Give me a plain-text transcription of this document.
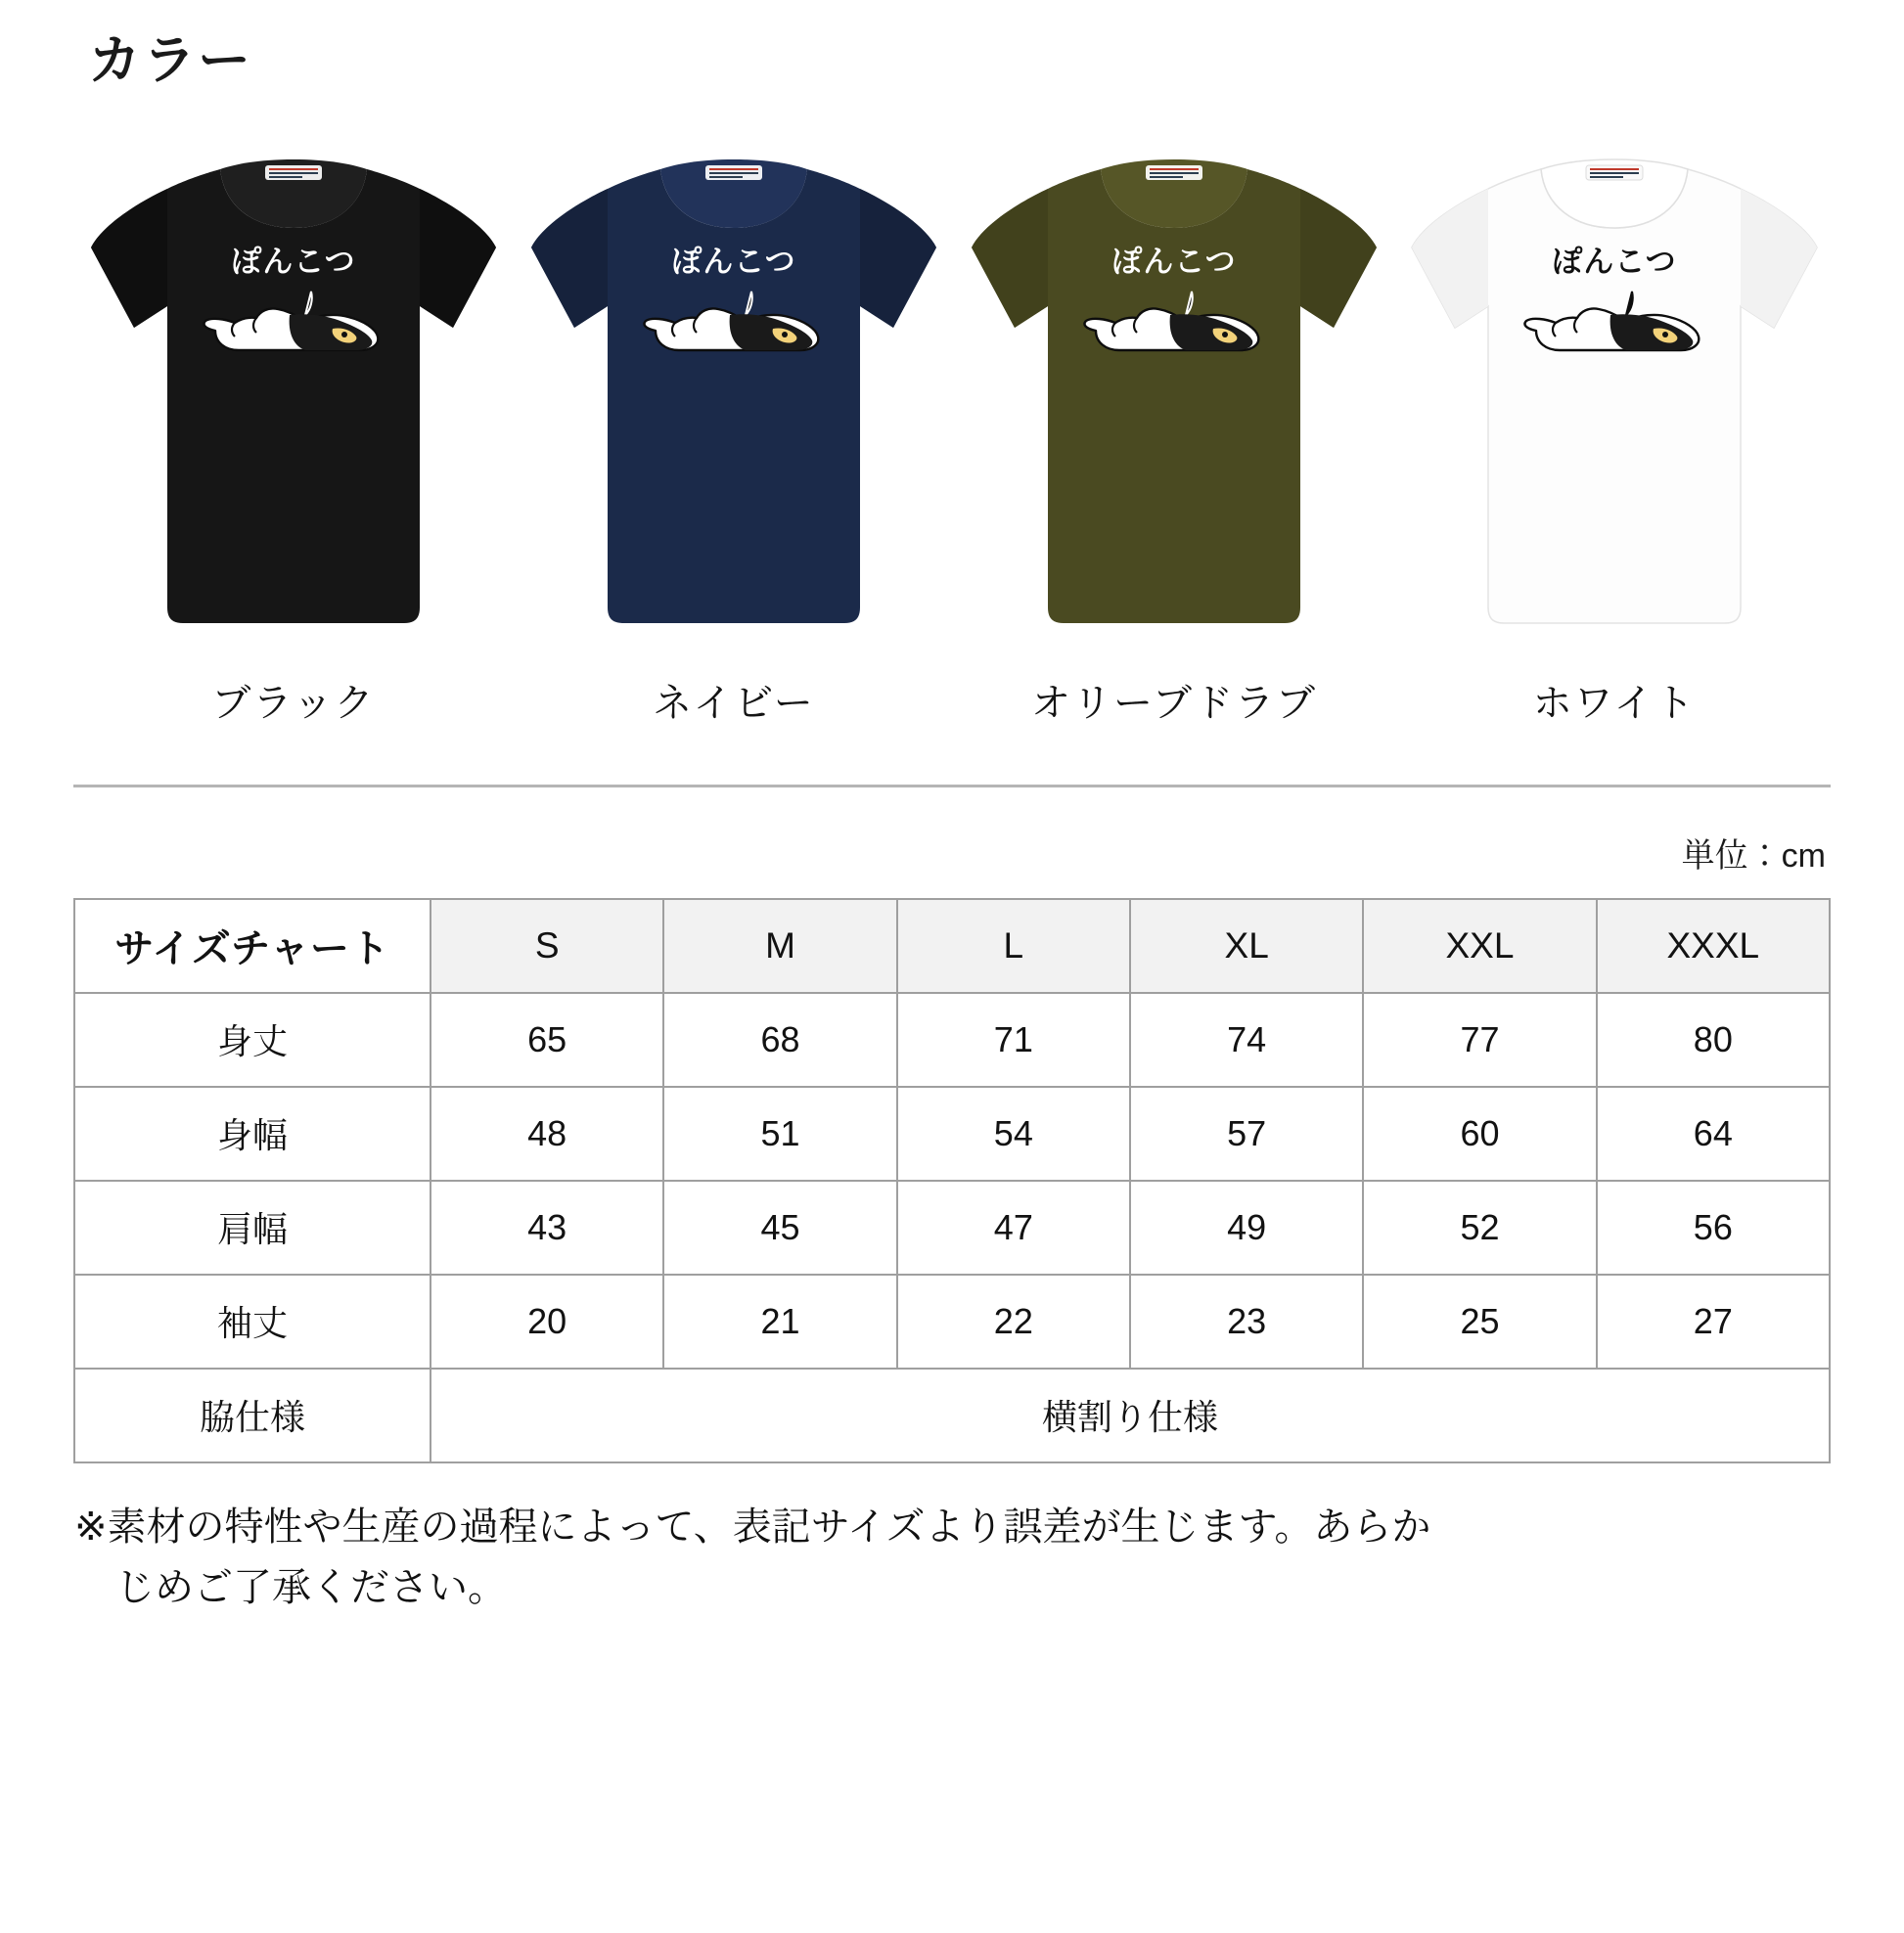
カラー
ぽんこつ
ブラック
ぽんこつ
ネイビー
ぽんこつ
オリーブドラブ
ぽんこつ
ホワイト
単位：cm
サイズチャート	S	M	L	XL	XXL	XXXL
身丈	65	68	71	74	77	80
身幅	48	51	54	57	60	64
肩幅	43	45	47	49	52	56
袖丈	20	21	22	23	25	27
脇仕様	横割り仕様					

※素材の特性や生産の過程によって、表記サイズより誤差が生じます。あらか
じめご了承ください。
